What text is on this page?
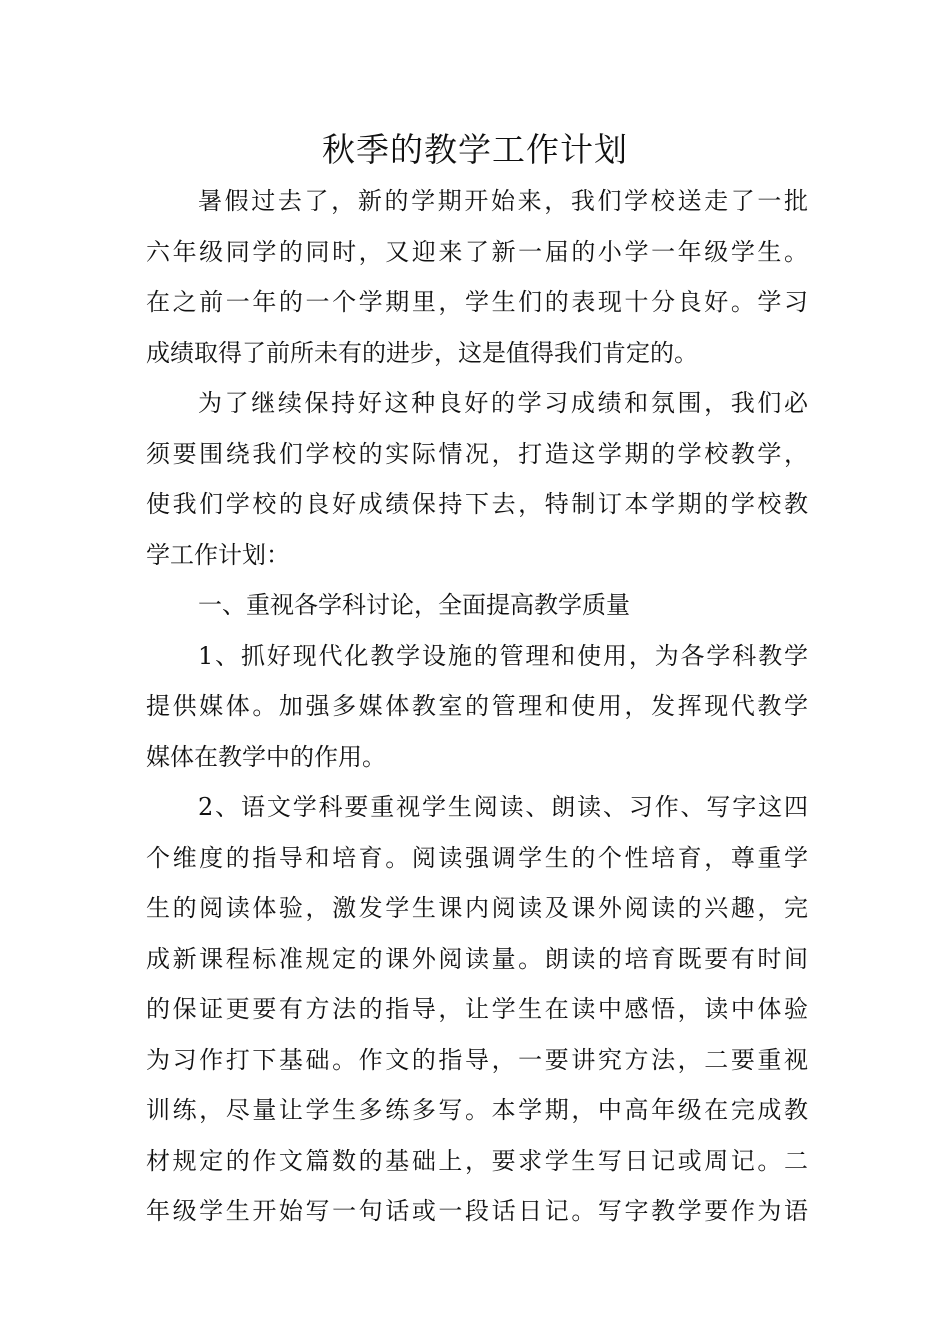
秋季的教学工作计划
暑假过去了，新的学期开始来，我们学校送走了一批
六年级同学的同时，又迎来了新一届的小学一年级学生。
在之前一年的一个学期里，学生们的表现十分良好。学习
成绩取得了前所未有的进步，这是值得我们肯定的。
为了继续保持好这种良好的学习成绩和氛围，我们必
须要围绕我们学校的实际情况，打造这学期的学校教学，
使我们学校的良好成绩保持下去，特制订本学期的学校教
学工作计划：
一、重视各学科讨论，全面提高教学质量
1、抓好现代化教学设施的管理和使用，为各学科教学
提供媒体。加强多媒体教室的管理和使用，发挥现代教学
媒体在教学中的作用。
2、语文学科要重视学生阅读、朗读、习作、写字这四
个维度的指导和培育。阅读强调学生的个性培育，尊重学
生的阅读体验，激发学生课内阅读及课外阅读的兴趣，完
成新课程标准规定的课外阅读量。朗读的培育既要有时间
的保证更要有方法的指导，让学生在读中感悟，读中体验
为习作打下基础。作文的指导，一要讲究方法，二要重视
训练，尽量让学生多练多写。本学期，中高年级在完成教
材规定的作文篇数的基础上，要求学生写日记或周记。二
年级学生开始写一句话或一段话日记。写字教学要作为语
